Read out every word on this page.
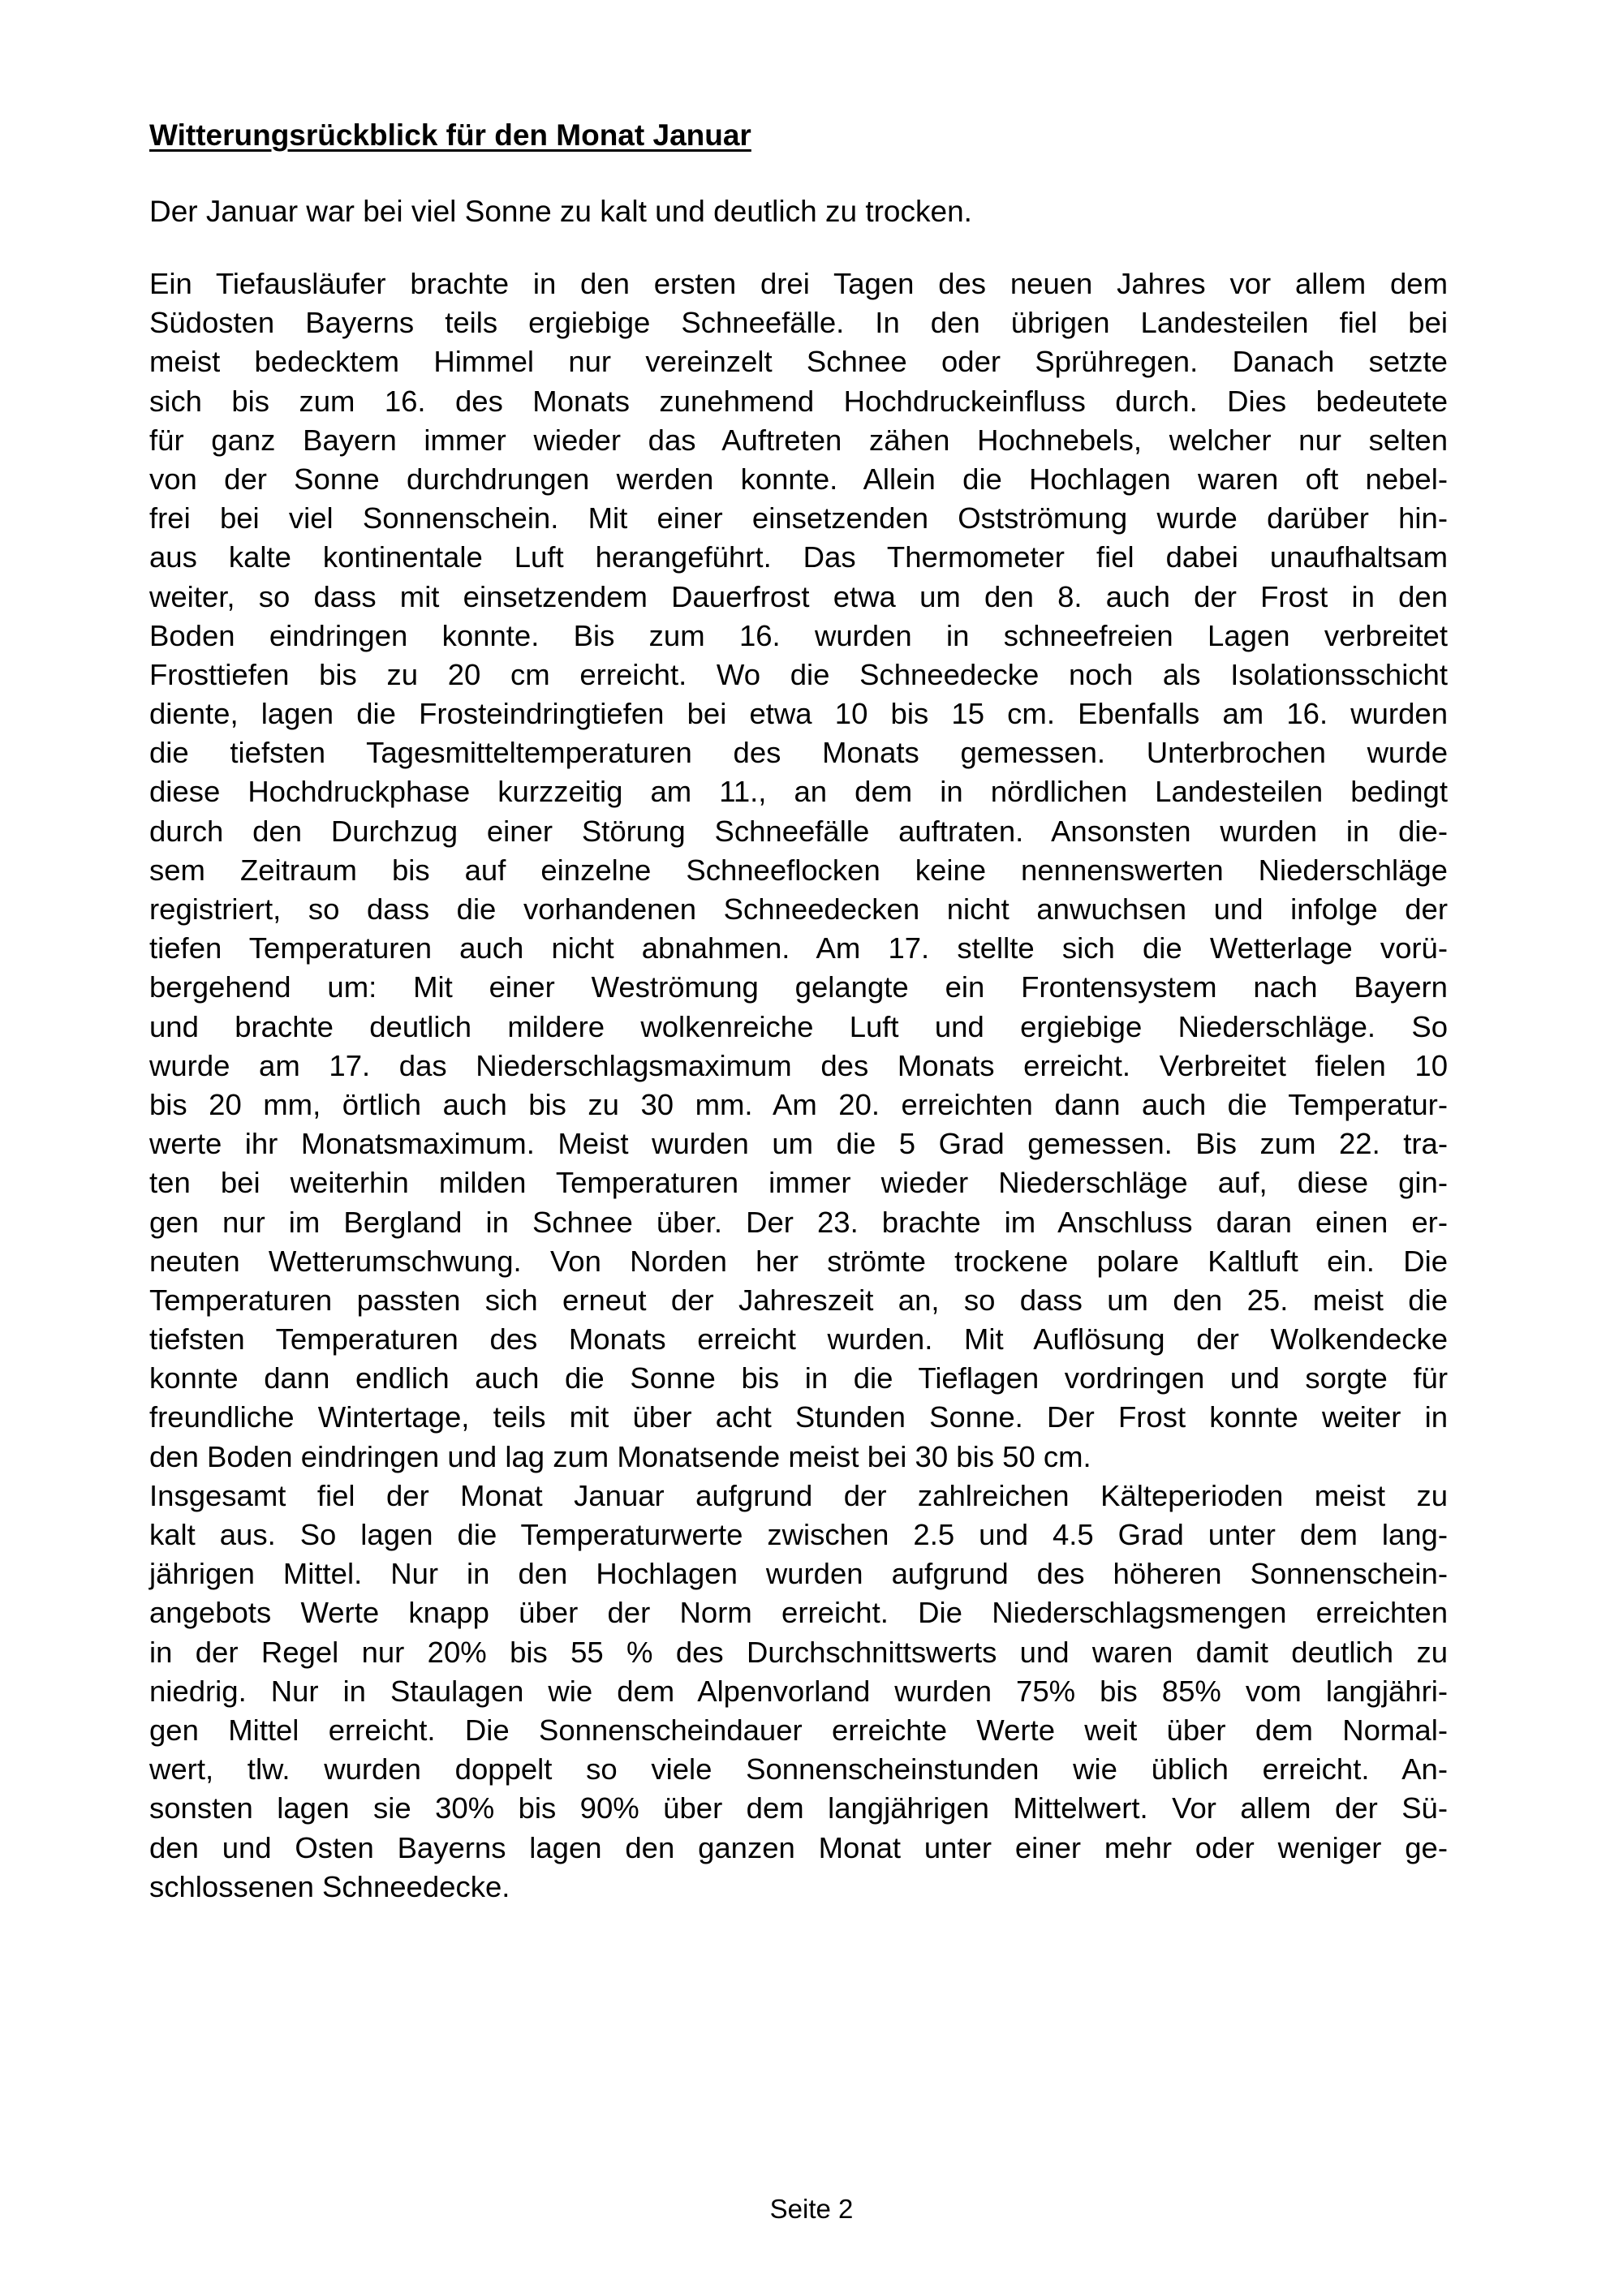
Witterungsrückblick für den Monat Januar
Der Januar war bei viel Sonne zu kalt und deutlich zu trocken.
Ein Tiefausläufer brachte in den ersten drei Tagen des neuen Jahres vor allem dem
Südosten Bayerns teils ergiebige Schneefälle. In den übrigen Landesteilen fiel bei
meist bedecktem Himmel nur vereinzelt Schnee oder Sprühregen. Danach setzte
sich bis zum 16. des Monats zunehmend Hochdruckeinfluss durch. Dies bedeutete
für ganz Bayern immer wieder das Auftreten zähen Hochnebels, welcher nur selten
von der Sonne durchdrungen werden konnte. Allein die Hochlagen waren oft nebel-
frei bei viel Sonnenschein. Mit einer einsetzenden Ostströmung wurde darüber hin-
aus kalte kontinentale Luft herangeführt. Das Thermometer fiel dabei unaufhaltsam
weiter, so dass mit einsetzendem Dauerfrost etwa um den 8. auch der Frost in den
Boden eindringen konnte. Bis zum 16. wurden in schneefreien Lagen verbreitet
Frosttiefen bis zu 20 cm erreicht. Wo die Schneedecke noch als Isolationsschicht
diente, lagen die Frosteindringtiefen bei etwa 10 bis 15 cm. Ebenfalls am 16. wurden
die tiefsten Tagesmitteltemperaturen des Monats gemessen. Unterbrochen wurde
diese Hochdruckphase kurzzeitig am 11., an dem in nördlichen Landesteilen bedingt
durch den Durchzug einer Störung Schneefälle auftraten. Ansonsten wurden in die-
sem Zeitraum bis auf einzelne Schneeflocken keine nennenswerten Niederschläge
registriert, so dass die vorhandenen Schneedecken nicht anwuchsen und infolge der
tiefen Temperaturen auch nicht abnahmen. Am 17. stellte sich die Wetterlage vorü-
bergehend um: Mit einer Weströmung gelangte ein Frontensystem nach Bayern
und brachte deutlich mildere wolkenreiche Luft und ergiebige Niederschläge. So
wurde am 17. das Niederschlagsmaximum des Monats erreicht. Verbreitet fielen 10
bis 20 mm, örtlich auch bis zu 30 mm. Am 20. erreichten dann auch die Temperatur-
werte ihr Monatsmaximum. Meist wurden um die 5 Grad gemessen. Bis zum 22. tra-
ten bei weiterhin milden Temperaturen immer wieder Niederschläge auf, diese gin-
gen nur im Bergland in Schnee über. Der 23. brachte im Anschluss daran einen er-
neuten Wetterumschwung. Von Norden her strömte trockene polare Kaltluft ein. Die
Temperaturen passten sich erneut der Jahreszeit an, so dass um den 25. meist die
tiefsten Temperaturen des Monats erreicht wurden. Mit Auflösung der Wolkendecke
konnte dann endlich auch die Sonne bis in die Tieflagen vordringen und sorgte für
freundliche Wintertage, teils mit über acht Stunden Sonne. Der Frost konnte weiter in
den Boden eindringen und lag zum Monatsende meist bei 30 bis 50 cm.
Insgesamt fiel der Monat Januar aufgrund der zahlreichen Kälteperioden meist zu
kalt aus. So lagen die Temperaturwerte zwischen 2.5 und 4.5 Grad unter dem lang-
jährigen Mittel. Nur in den Hochlagen wurden aufgrund des höheren Sonnenschein-
angebots Werte knapp über der Norm erreicht. Die Niederschlagsmengen erreichten
in der Regel nur 20% bis 55 % des Durchschnittswerts und waren damit deutlich zu
niedrig. Nur in Staulagen wie dem Alpenvorland wurden 75% bis 85% vom langjähri-
gen Mittel erreicht. Die Sonnenscheindauer erreichte Werte weit über dem Normal-
wert, tlw. wurden doppelt so viele Sonnenscheinstunden wie üblich erreicht. An-
sonsten lagen sie 30% bis 90% über dem langjährigen Mittelwert. Vor allem der Sü-
den und Osten Bayerns lagen den ganzen Monat unter einer mehr oder weniger ge-
schlossenen Schneedecke.
Seite 2
